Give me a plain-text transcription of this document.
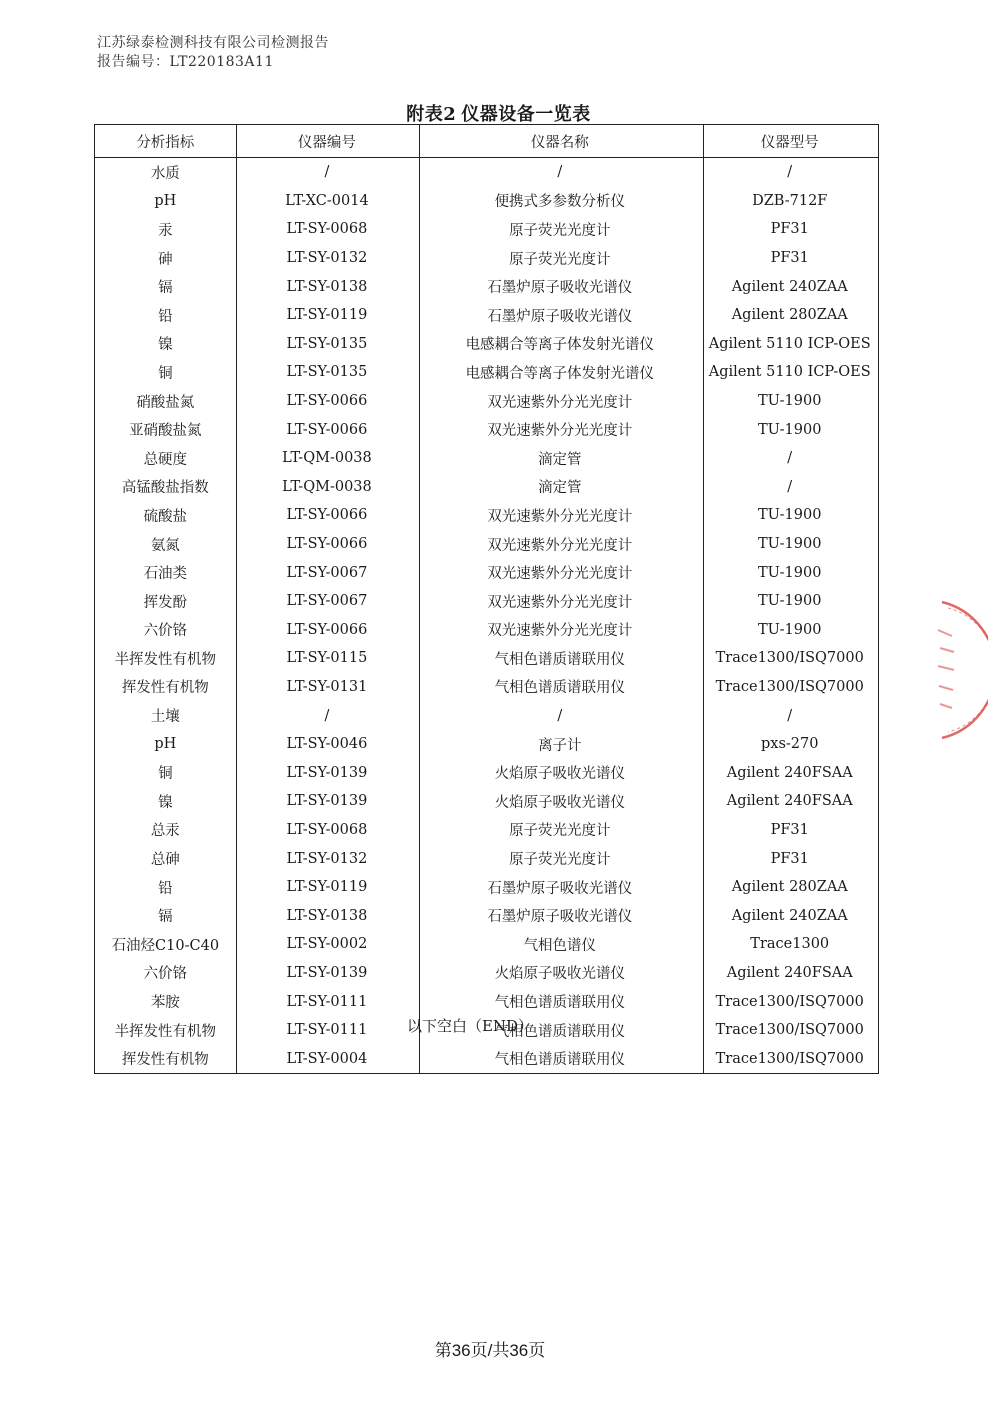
江苏绿泰检测科技有限公司检测报告
报告编号：LT220183A11
附表2 仪器设备一览表
分析指标	仪器编号	仪器名称	仪器型号
水质	/	/	/
pH	LT-XC-0014	便携式多参数分析仪	DZB-712F
汞	LT-SY-0068	原子荧光光度计	PF31
砷	LT-SY-0132	原子荧光光度计	PF31
镉	LT-SY-0138	石墨炉原子吸收光谱仪	Agilent 240ZAA
铅	LT-SY-0119	石墨炉原子吸收光谱仪	Agilent 280ZAA
镍	LT-SY-0135	电感耦合等离子体发射光谱仪	Agilent 5110 ICP-OES
铜	LT-SY-0135	电感耦合等离子体发射光谱仪	Agilent 5110 ICP-OES
硝酸盐氮	LT-SY-0066	双光速紫外分光光度计	TU-1900
亚硝酸盐氮	LT-SY-0066	双光速紫外分光光度计	TU-1900
总硬度	LT-QM-0038	滴定管	/
高锰酸盐指数	LT-QM-0038	滴定管	/
硫酸盐	LT-SY-0066	双光速紫外分光光度计	TU-1900
氨氮	LT-SY-0066	双光速紫外分光光度计	TU-1900
石油类	LT-SY-0067	双光速紫外分光光度计	TU-1900
挥发酚	LT-SY-0067	双光速紫外分光光度计	TU-1900
六价铬	LT-SY-0066	双光速紫外分光光度计	TU-1900
半挥发性有机物	LT-SY-0115	气相色谱质谱联用仪	Trace1300/ISQ7000
挥发性有机物	LT-SY-0131	气相色谱质谱联用仪	Trace1300/ISQ7000
土壤	/	/	/
pH	LT-SY-0046	离子计	pxs-270
铜	LT-SY-0139	火焰原子吸收光谱仪	Agilent 240FSAA
镍	LT-SY-0139	火焰原子吸收光谱仪	Agilent 240FSAA
总汞	LT-SY-0068	原子荧光光度计	PF31
总砷	LT-SY-0132	原子荧光光度计	PF31
铅	LT-SY-0119	石墨炉原子吸收光谱仪	Agilent 280ZAA
镉	LT-SY-0138	石墨炉原子吸收光谱仪	Agilent 240ZAA
石油烃C10-C40	LT-SY-0002	气相色谱仪	Trace1300
六价铬	LT-SY-0139	火焰原子吸收光谱仪	Agilent 240FSAA
苯胺	LT-SY-0111	气相色谱质谱联用仪	Trace1300/ISQ7000
半挥发性有机物	LT-SY-0111	气相色谱质谱联用仪	Trace1300/ISQ7000
挥发性有机物	LT-SY-0004	气相色谱质谱联用仪	Trace1300/ISQ7000
以下空白（END）
第36页/共36页
